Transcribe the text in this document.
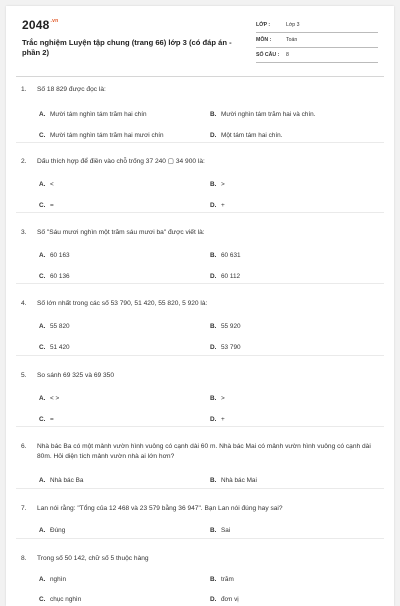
$2048^{.vn}$
Trắc nghiệm Luyện tập chung (trang 66) lớp 3 (có đáp án - phần 2)
LỚP :	Lớp 3
MÔN :	Toán
SỐ CÂU : 8
1. Số 18 829 được đọc là:
A. Mười tám nghìn tám trăm hai chín	B. Mười nghìn tám trăm hai và chín.
C. Mười tám nghìn tám trăm hai mươi chín	D. Một tám tám hai chín.
2. Dấu thích hợp để điền vào chỗ trống 37 240 ▢ 34 900 là:
A. <	B. >
C. =	D. +
3. Số "Sáu mươi nghìn một trăm sáu mươi ba" được viết là:
A. 60 163	B. 60 631
C. 60 136	D. 60 112
4. Số lớn nhất trong các số 53 790, 51 420, 55 820, 5 920 là:
A. 55 820	B. 55 920
C. 51 420	D. 53 790
5. So sánh 69 325 và 69 350
A. < >	B. >
C. =	D. +
6. Nhà bác Ba có một mảnh vườn hình vuông có cạnh dài 60 m. Nhà bác Mai có mảnh vườn hình vuông có cạnh dài 80m. Hỏi diện tích mảnh vườn nhà ai lớn hơn?
A. Nhà bác Ba	B. Nhà bác Mai
7. Lan nói rằng: "Tổng của 12 468 và 23 579 bằng 36 947". Bạn Lan nói đúng hay sai?
A. Đúng	B. Sai
8. Trong số 50 142, chữ số 5 thuộc hàng
A. nghìn	B. trăm
C. chục nghìn	D. đơn vị
